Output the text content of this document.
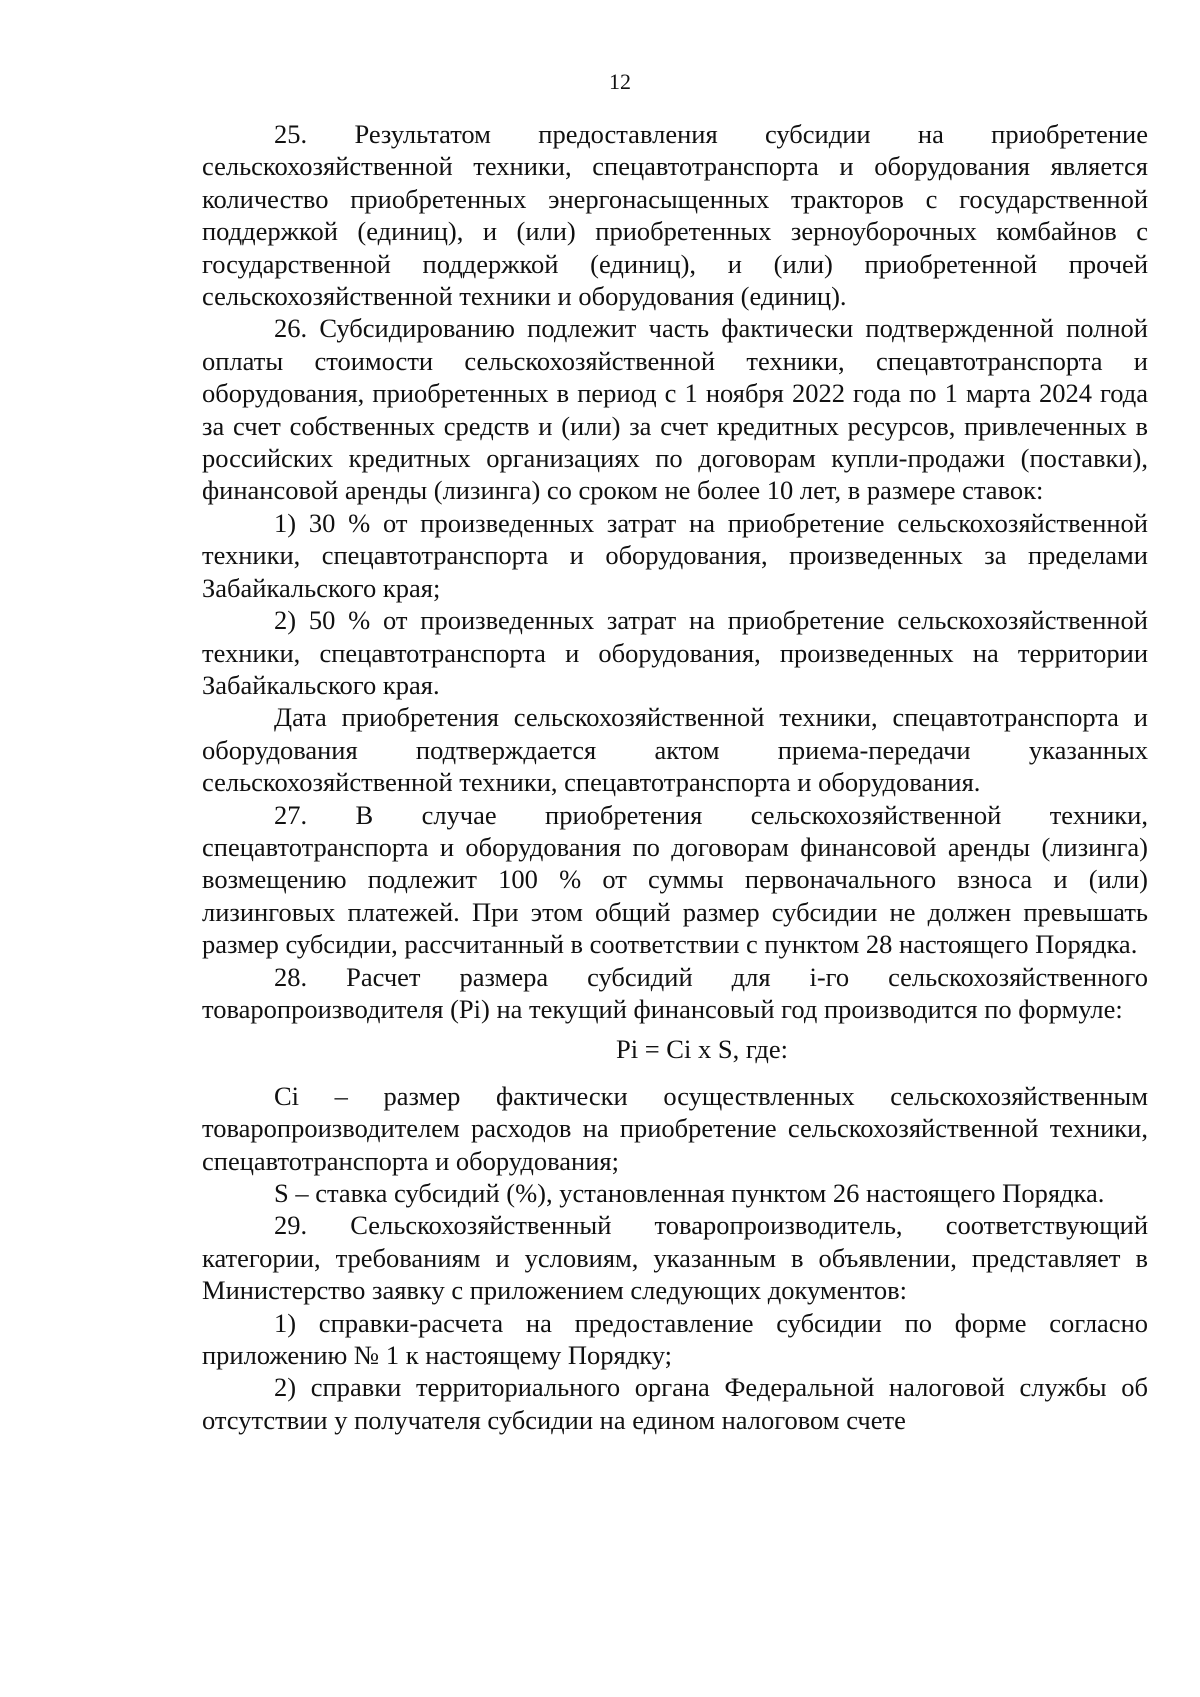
12

25. Результатом предоставления субсидии на приобретение сельскохозяйственной техники, спецавтотранспорта и оборудования является количество приобретенных энергонасыщенных тракторов с государственной поддержкой (единиц), и (или) приобретенных зерноуборочных комбайнов с государственной поддержкой (единиц), и (или) приобретенной прочей сельскохозяйственной техники и оборудования (единиц).

26. Субсидированию подлежит часть фактически подтвержденной полной оплаты стоимости сельскохозяйственной техники, спецавтотранспорта и оборудования, приобретенных в период с 1 ноября 2022 года по 1 марта 2024 года за счет собственных средств и (или) за счет кредитных ресурсов, привлеченных в российских кредитных организациях по договорам купли-продажи (поставки), финансовой аренды (лизинга) со сроком не более 10 лет, в размере ставок:

1) 30 % от произведенных затрат на приобретение сельскохозяйственной техники, спецавтотранспорта и оборудования, произведенных за пределами Забайкальского края;

2) 50 % от произведенных затрат на приобретение сельскохозяйственной техники, спецавтотранспорта и оборудования, произведенных на территории Забайкальского края.

Дата приобретения сельскохозяйственной техники, спецавтотранспорта и оборудования подтверждается актом приема-передачи указанных сельскохозяйственной техники, спецавтотранспорта и оборудования.

27. В случае приобретения сельскохозяйственной техники, спецавтотранспорта и оборудования по договорам финансовой аренды (лизинга) возмещению подлежит 100 % от суммы первоначального взноса и (или) лизинговых платежей. При этом общий размер субсидии не должен превышать размер субсидии, рассчитанный в соответствии с пунктом 28 настоящего Порядка.

28. Расчет размера субсидий для i-го сельскохозяйственного товаропроизводителя (Pi) на текущий финансовый год производится по формуле:

Pi = Ci x S, где:

Ci – размер фактически осуществленных сельскохозяйственным товаропроизводителем расходов на приобретение сельскохозяйственной техники, спецавтотранспорта и оборудования;

S – ставка субсидий (%), установленная пунктом 26 настоящего Порядка.

29. Сельскохозяйственный товаропроизводитель, соответствующий категории, требованиям и условиям, указанным в объявлении, представляет в Министерство заявку с приложением следующих документов:

1) справки-расчета на предоставление субсидии по форме согласно приложению № 1 к настоящему Порядку;

2) справки территориального органа Федеральной налоговой службы об отсутствии у получателя субсидии на едином налоговом счете
